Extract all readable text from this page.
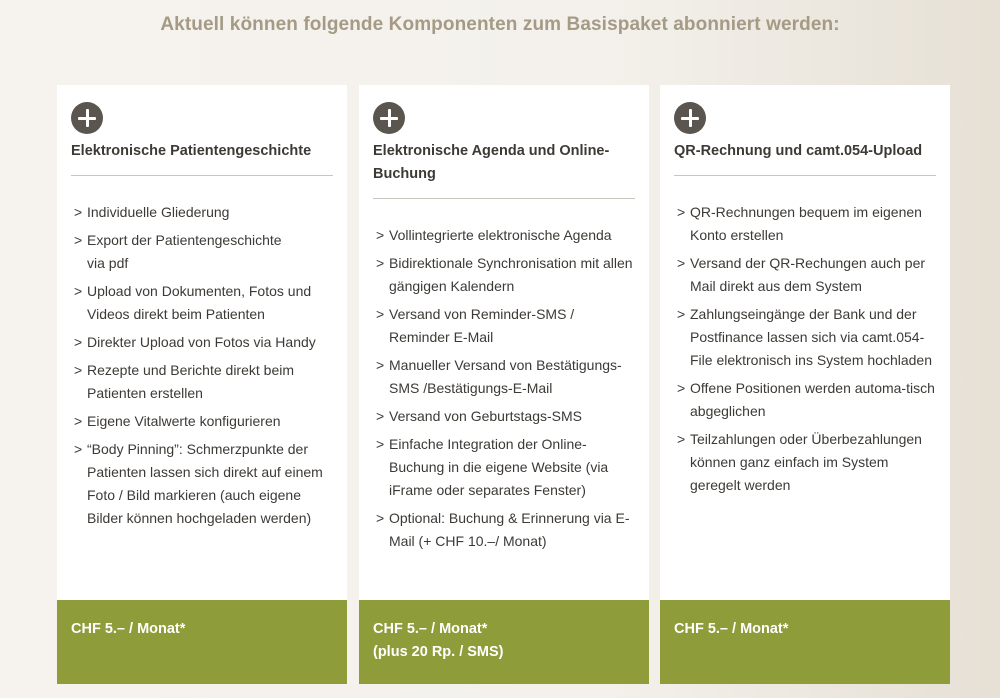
Aktuell können folgende Komponenten zum Basispaket abonniert werden:
Elektronische Patientengeschichte
> Individuelle Gliederung
> Export der Patientengeschichte
via pdf
> Upload von Dokumenten, Fotos und Videos direkt beim Patienten
> Direkter Upload von Fotos via Handy
> Rezepte und Berichte direkt beim Patienten erstellen
> Eigene Vitalwerte konfigurieren
> “Body Pinning”: Schmerzpunkte der Patienten lassen sich direkt auf einem Foto / Bild markieren (auch eigene Bilder können hochgeladen werden)
CHF 5.– / Monat*
Elektronische Agenda und Online-Buchung
> Vollintegrierte elektronische Agenda
> Bidirektionale Synchronisation mit allen gängigen Kalendern
> Versand von Reminder-SMS / Reminder E-Mail
> Manueller Versand von Bestätigungs-SMS /Bestätigungs-E-Mail
> Versand von Geburtstags-SMS
> Einfache Integration der Online-Buchung in die eigene Website (via iFrame oder separates Fenster)
> Optional: Buchung & Erinnerung via E-Mail (+ CHF 10.–/ Monat)
CHF 5.– / Monat*
(plus 20 Rp. / SMS)
QR-Rechnung und camt.054-Upload
> QR-Rechnungen bequem im eigenen Konto erstellen
> Versand der QR-Rechungen auch per Mail direkt aus dem System
> Zahlungseingänge der Bank und der Postfinance lassen sich via camt.054-File elektronisch ins System hochladen
> Offene Positionen werden automa-tisch abgeglichen
> Teilzahlungen oder Überbezahlungen können ganz einfach im System geregelt werden
CHF 5.– / Monat*
